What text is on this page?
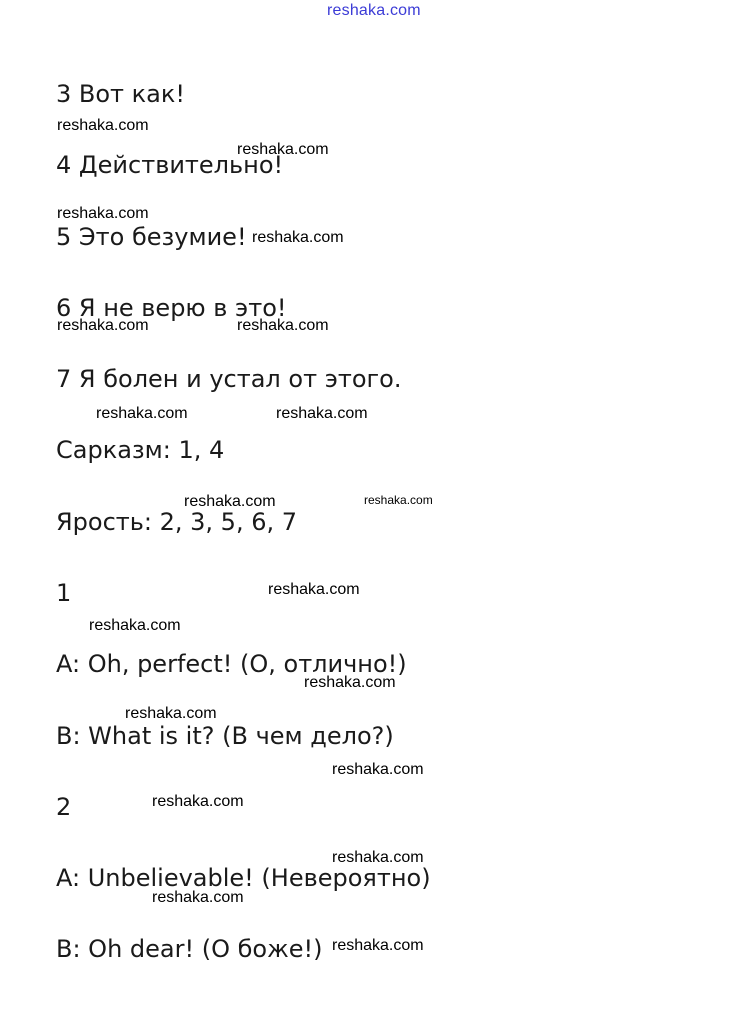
reshaka.com
3 Вот как!
4 Действительно!
5 Это безумие!
6 Я не верю в это!
7 Я болен и устал от этого.
Сарказм: 1, 4
Ярость: 2, 3, 5, 6, 7
1
A: Oh, perfect! (О, отлично!)
B: What is it? (В чем дело?)
2
A: Unbelievable! (Невероятно)
B: Oh dear! (О боже!)
reshaka.com
reshaka.com
reshaka.com
reshaka.com
reshaka.com	reshaka.com
reshaka.com	reshaka.com
reshaka.com	reshaka.com
reshaka.com
reshaka.com
reshaka.com
reshaka.com
reshaka.com
reshaka.com
reshaka.com
reshaka.com
reshaka.com
